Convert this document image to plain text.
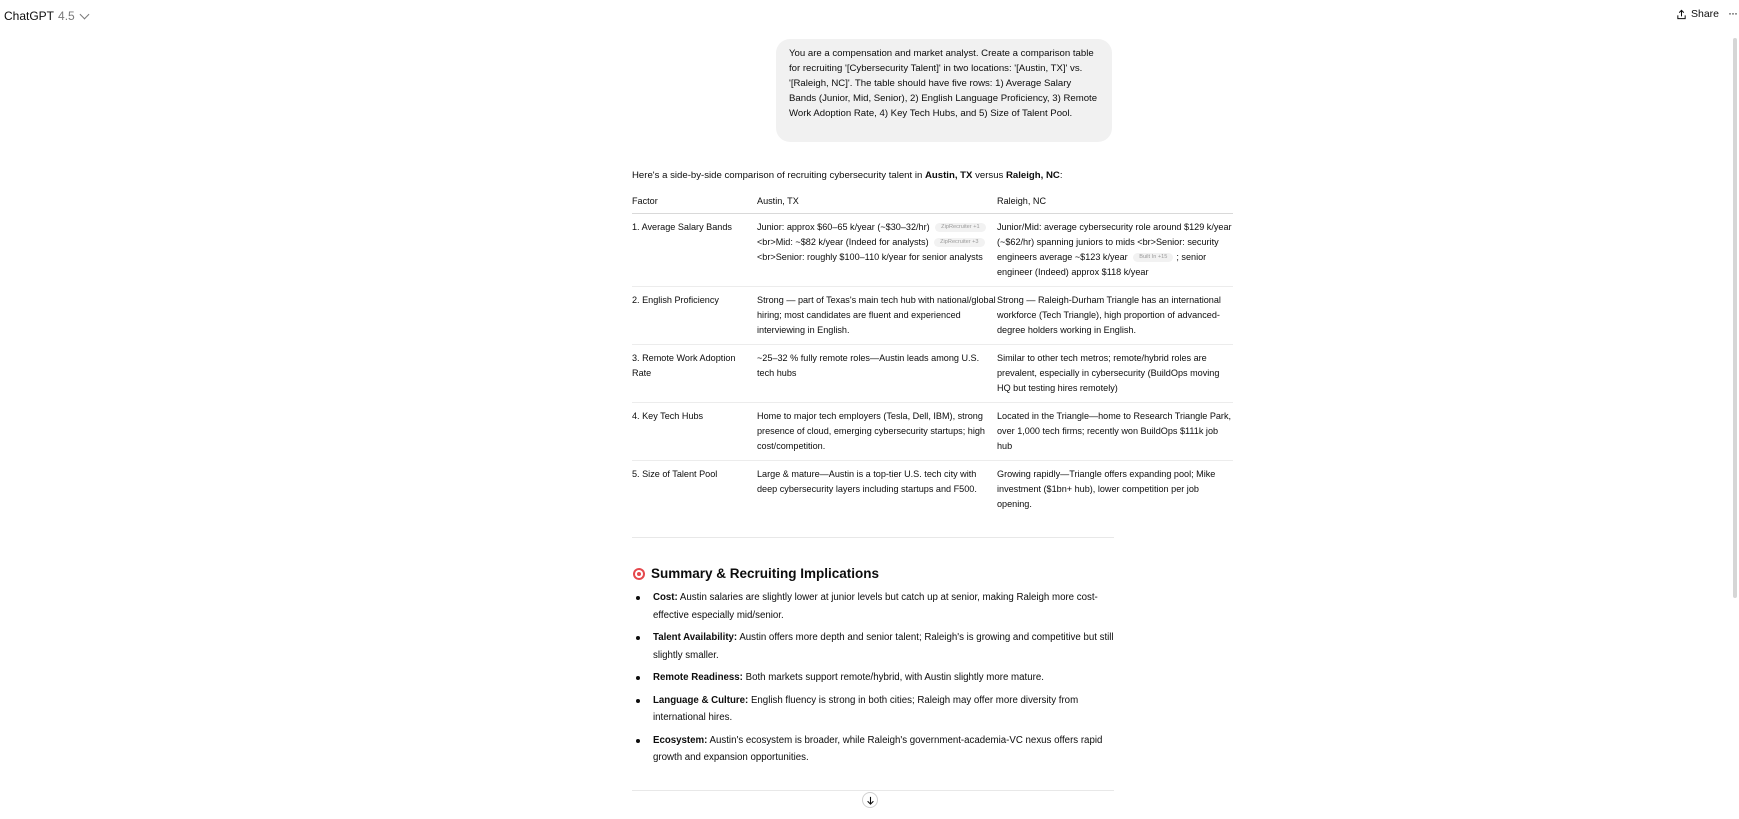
ChatGPT 4.5	Share ···
You are a compensation and market analyst. Create a comparison table for recruiting '[Cybersecurity Talent]' in two locations: '[Austin, TX]' vs. '[Raleigh, NC]'. The table should have five rows: 1) Average Salary Bands (Junior, Mid, Senior), 2) English Language Proficiency, 3) Remote Work Adoption Rate, 4) Key Tech Hubs, and 5) Size of Talent Pool.
Here's a side-by-side comparison of recruiting cybersecurity talent in Austin, TX versus Raleigh, NC:
Factor	Austin, TX	Raleigh, NC
1. Average Salary Bands	Junior: approx $60–65 k/year (~$30–32/hr) ZipRecruiter +1<br>Mid: ~$82 k/year (Indeed for analysts) ZipRecruiter +3<br>Senior: roughly $100–110 k/year for senior analysts	Junior/Mid: average cybersecurity role around $129 k/year (~$62/hr) spanning juniors to mids <br>Senior: security engineers average ~$123 k/year Built In +15 ; senior engineer (Indeed) approx $118 k/year
2. English Proficiency	Strong — part of Texas's main tech hub with national/global hiring; most candidates are fluent and experienced interviewing in English.	Strong — Raleigh-Durham Triangle has an international workforce (Tech Triangle), high proportion of advanced-degree holders working in English.
3. Remote Work Adoption Rate	~25–32 % fully remote roles—Austin leads among U.S. tech hubs	Similar to other tech metros; remote/hybrid roles are prevalent, especially in cybersecurity (BuildOps moving HQ but testing hires remotely)
4. Key Tech Hubs	Home to major tech employers (Tesla, Dell, IBM), strong presence of cloud, emerging cybersecurity startups; high cost/competition.	Located in the Triangle—home to Research Triangle Park, over 1,000 tech firms; recently won BuildOps $111k job hub
5. Size of Talent Pool	Large & mature—Austin is a top-tier U.S. tech city with deep cybersecurity layers including startups and F500.	Growing rapidly—Triangle offers expanding pool; Mike investment ($1bn+ hub), lower competition per job opening.
Summary & Recruiting Implications
Cost: Austin salaries are slightly lower at junior levels but catch up at senior, making Raleigh more cost-effective especially mid/senior.
Talent Availability: Austin offers more depth and senior talent; Raleigh's is growing and competitive but still slightly smaller.
Remote Readiness: Both markets support remote/hybrid, with Austin slightly more mature.
Language & Culture: English fluency is strong in both cities; Raleigh may offer more diversity from international hires.
Ecosystem: Austin's ecosystem is broader, while Raleigh's government-academia-VC nexus offers rapid growth and expansion opportunities.
